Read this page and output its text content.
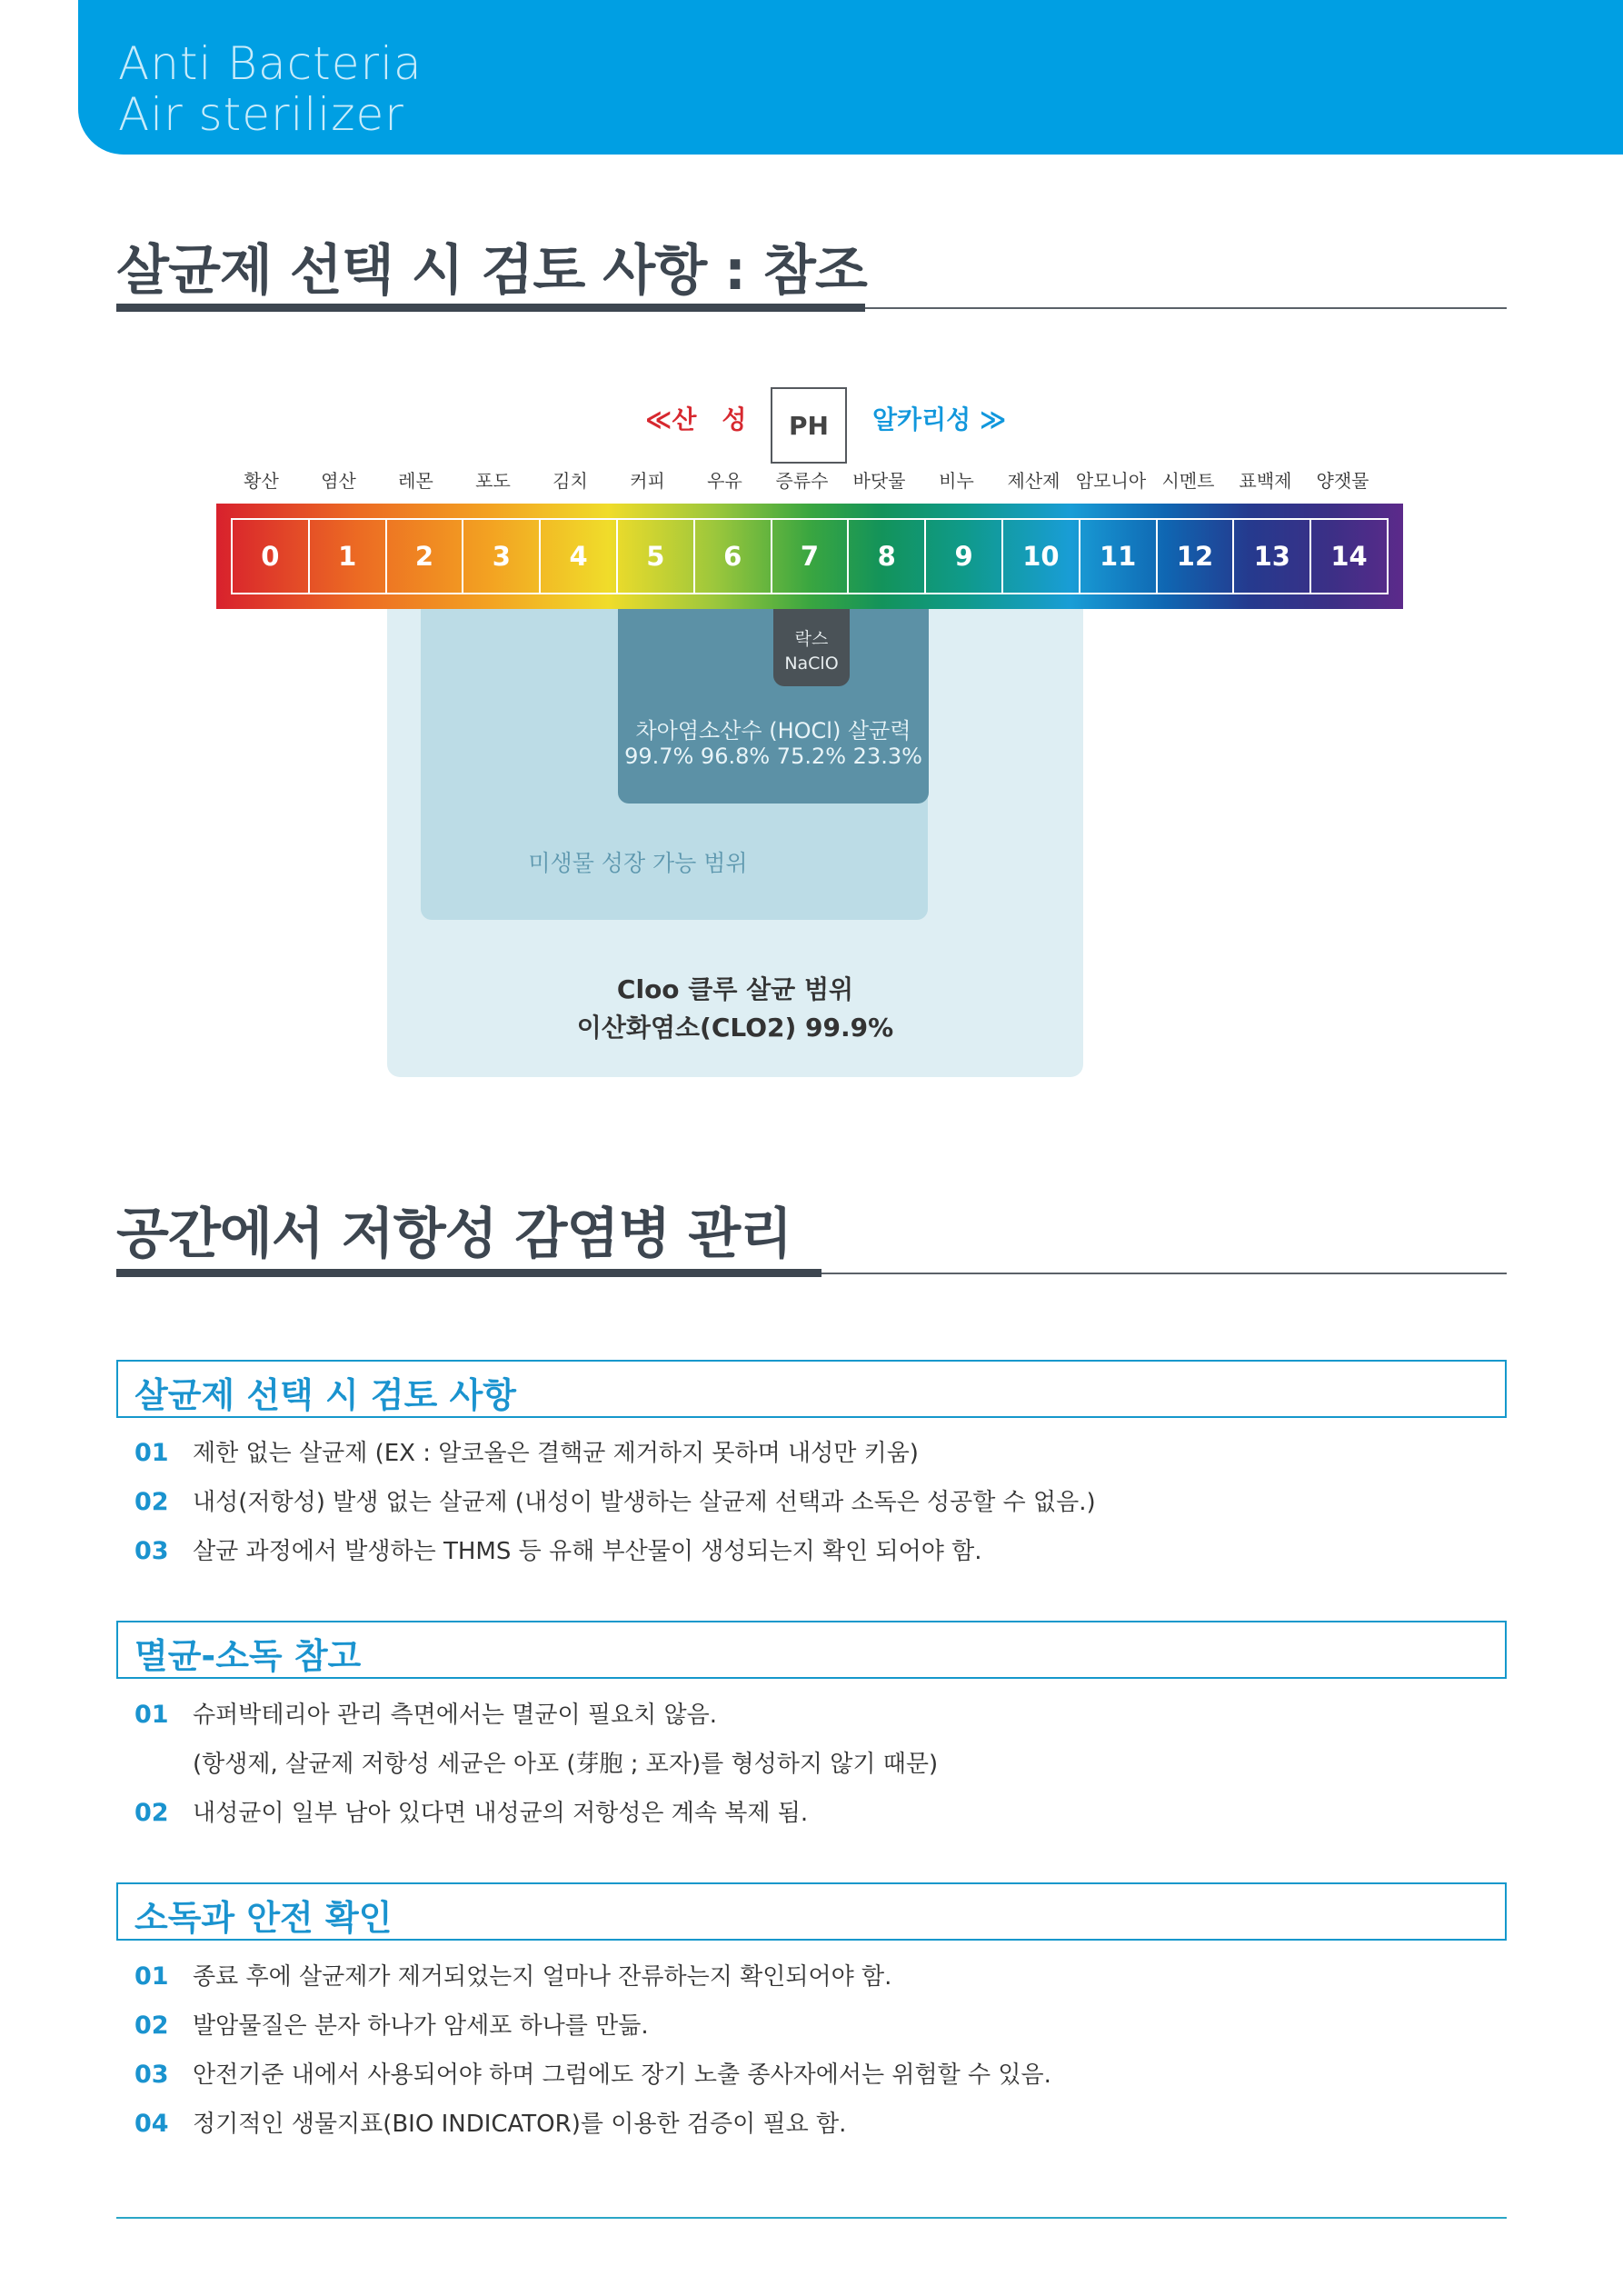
Anti Bacteria
Air sterilizer
살균제 선택 시 검토 사항 : 참조
≪산　성	PH	알카리성 ≫
황산	염산	레몬	포도	김치	커피	우유	증류수	바닷물	비누	제산제 암모니아 시멘트	표백제	양잿물
0	1	2	3	4	5	6	7	8	9	10	11	12	13	14
락스
NaClO
차아염소산수 (HOCl) 살균력
99.7% 96.8% 75.2% 23.3%
미생물 성장 가능 범위
Cloo 클루 살균 범위
이산화염소(CLO2) 99.9%
공간에서 저항성 감염병 관리
살균제 선택 시 검토 사항
01 제한 없는 살균제 (EX : 알코올은 결핵균 제거하지 못하며 내성만 키움)
02 내성(저항성) 발생 없는 살균제 (내성이 발생하는 살균제 선택과 소독은 성공할 수 없음.)
03 살균 과정에서 발생하는 THMS 등 유해 부산물이 생성되는지 확인 되어야 함.
멸균-소독 참고
01 슈퍼박테리아 관리 측면에서는 멸균이 필요치 않음.
(항생제, 살균제 저항성 세균은 아포 (芽胞 ; 포자)를 형성하지 않기 때문)
02 내성균이 일부 남아 있다면 내성균의 저항성은 계속 복제 됨.
소독과 안전 확인
01 종료 후에 살균제가 제거되었는지 얼마나 잔류하는지 확인되어야 함.
02 발암물질은 분자 하나가 암세포 하나를 만듦.
03 안전기준 내에서 사용되어야 하며 그럼에도 장기 노출 종사자에서는 위험할 수 있음.
04 정기적인 생물지표(BIO INDICATOR)를 이용한 검증이 필요 함.
